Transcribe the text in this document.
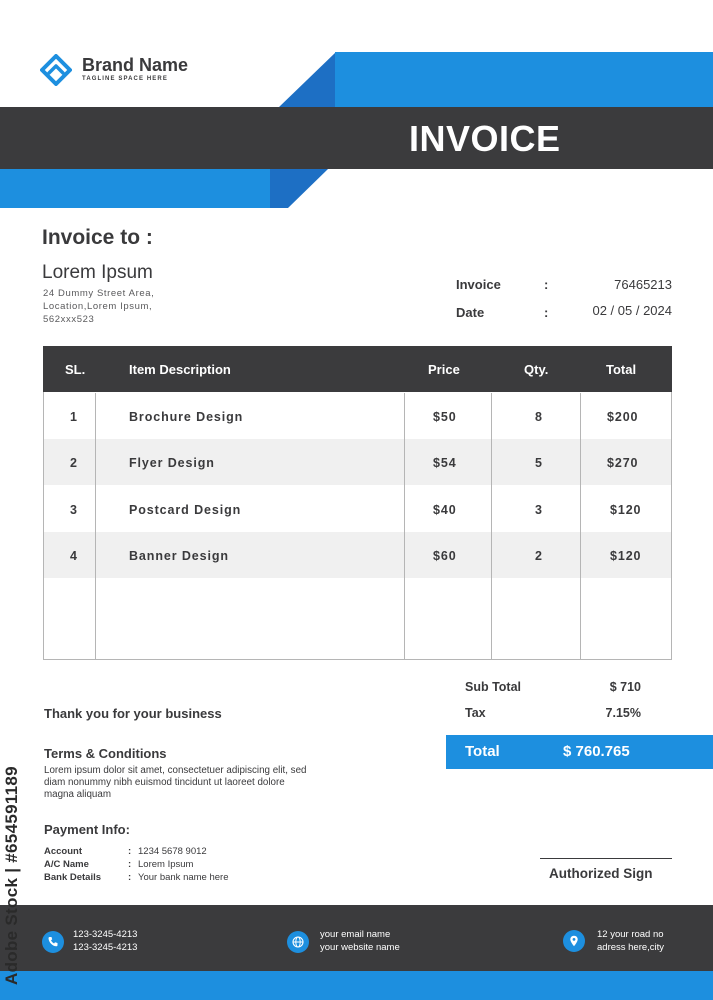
Brand Name
TAGLINE SPACE HERE
INVOICE
Invoice to :
Lorem Ipsum
24 Dummy Street Area,
Location,Lorem Ipsum,
562xxx523
Invoice	:	76465213
Date	:	02 / 05 / 2024
SL.	Item Description	Price	Qty.	Total
1	Brochure Design	$50	8	$200
2	Flyer Design	$54	5	$270
3	Postcard Design	$40	3	$120
4	Banner Design	$60	2	$120
Sub Total	$ 710
Tax	7.15%
Total	$ 760.765
Thank you for your business
Terms & Conditions
Lorem ipsum dolor sit amet, consectetuer adipiscing elit, sed
diam nonummy nibh euismod tincidunt ut laoreet dolore
magna aliquam
Payment Info:
Account	: 1234 5678 9012
A/C Name	: Lorem Ipsum
Bank Details	: Your bank name here	Authorized Sign
123-3245-4213
123-3245-4213
your email name
your website name
12 your road no
adress here,city
Adobe Stock | #654591189
